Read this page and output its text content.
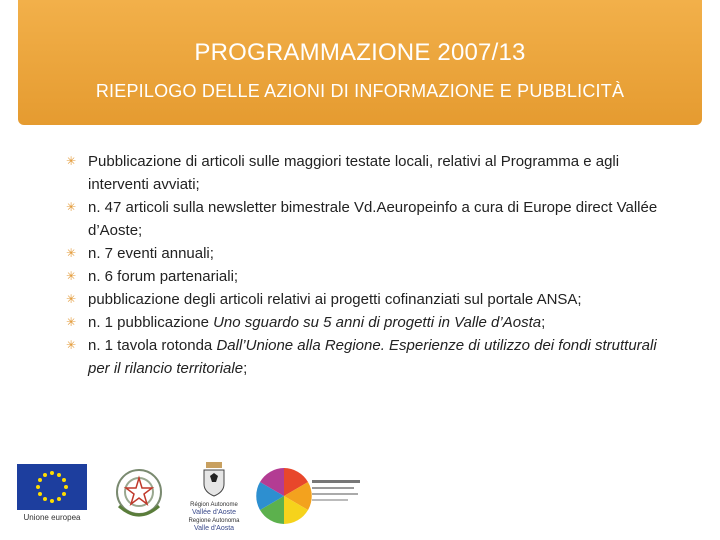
PROGRAMMAZIONE 2007/13
RIEPILOGO DELLE AZIONI DI INFORMAZIONE E PUBBLICITÀ
✳ Pubblicazione di articoli sulle maggiori testate locali, relativi al Programma e agli interventi avviati;
✳ n. 47 articoli sulla newsletter bimestrale Vd.Aeuropeinfo a cura di Europe direct Vallée d’Aoste;
✳ n. 7 eventi annuali;
✳ n. 6 forum partenariali;
✳ pubblicazione degli articoli relativi ai progetti cofinanziati sul portale ANSA;
✳ n. 1 pubblicazione Uno sguardo su 5 anni di progetti in Valle d’Aosta;
✳ n. 1 tavola rotonda Dall’Unione alla Regione. Esperienze di utilizzo dei fondi strutturali per il rilancio territoriale;
Unione europea
Région Autonome
Vallée d'Aoste
Regione Autonoma
Valle d'Aosta
